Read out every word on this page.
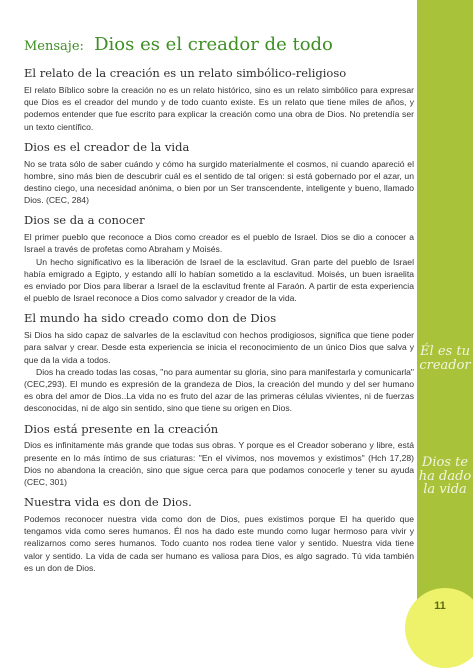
Él es tu creador
Dios te ha dado la vida
11
Mensaje: Dios es el creador de todo
El relato de la creación es un relato simbólico-religioso

El relato Bíblico sobre la creación no es un relato histórico, sino es un relato simbólico para expresar que Dios es el creador del mundo y de todo cuanto existe. Es un relato que tiene miles de años, y podemos entender que fue escrito para explicar la creación como una obra de Dios. No pretendía ser un texto científico.

Dios es el creador de la vida

No se trata sólo de saber cuándo y cómo ha surgido materialmente el cosmos, ni cuando apareció el hombre, sino más bien de descubrir cuál es el sentido de tal origen: si está gobernado por el azar, un destino ciego, una necesidad anónima, o bien por un Ser transcendente, inteligente y bueno, llamado Dios. (CEC, 284)

Dios se da a conocer

El primer pueblo que reconoce a Dios como creador es el pueblo de Israel. Dios se dio a conocer a Israel a través de profetas como Abraham y Moisés.

Un hecho significativo es la liberación de Israel de la esclavitud. Gran parte del pueblo de Israel había emigrado a Egipto, y estando allí lo habían sometido a la esclavitud. Moisés, un buen israelita es enviado por Dios para liberar a Israel de la esclavitud frente al Faraón. A partir de esta experiencia el pueblo de Israel reconoce a Dios como salvador y creador de la vida.

El mundo ha sido creado como don de Dios

Si Dios ha sido capaz de salvarles de la esclavitud con hechos prodigiosos, significa que tiene poder para salvar y crear. Desde esta experiencia se inicia el reconocimiento de un único Dios que salva y que da la vida a todos.

Dios ha creado todas las cosas, "no para aumentar su gloria, sino para manifestarla y comunicarla" (CEC,293). El mundo es expresión de la grandeza de Dios, la creación del mundo y del ser humano es obra del amor de Dios..La vida no es fruto del azar de las primeras células vivientes, ni de fuerzas desconocidas, ni de algo sin sentido, sino que tiene su origen en Dios.

Dios está presente en la creación

Dios es infinitamente más grande que todas sus obras. Y porque es el Creador soberano y libre, está presente en lo más íntimo de sus criaturas: "En el vivimos, nos movemos y existimos" (Hch 17,28) Dios no abandona la creación, sino que sigue cerca para que podamos conocerle y tener su ayuda (CEC, 301)

Nuestra vida es don de Dios.

Podemos reconocer nuestra vida como don de Dios, pues existimos porque El ha querido que tengamos vida como seres humanos. Él nos ha dado este mundo como lugar hermoso para vivir y realizarnos como seres humanos. Todo cuanto nos rodea tiene valor y sentido. Nuestra vida tiene valor y sentido. La vida de cada ser humano es valiosa para Dios, es algo sagrado. Tú vida también es un don de Dios.
